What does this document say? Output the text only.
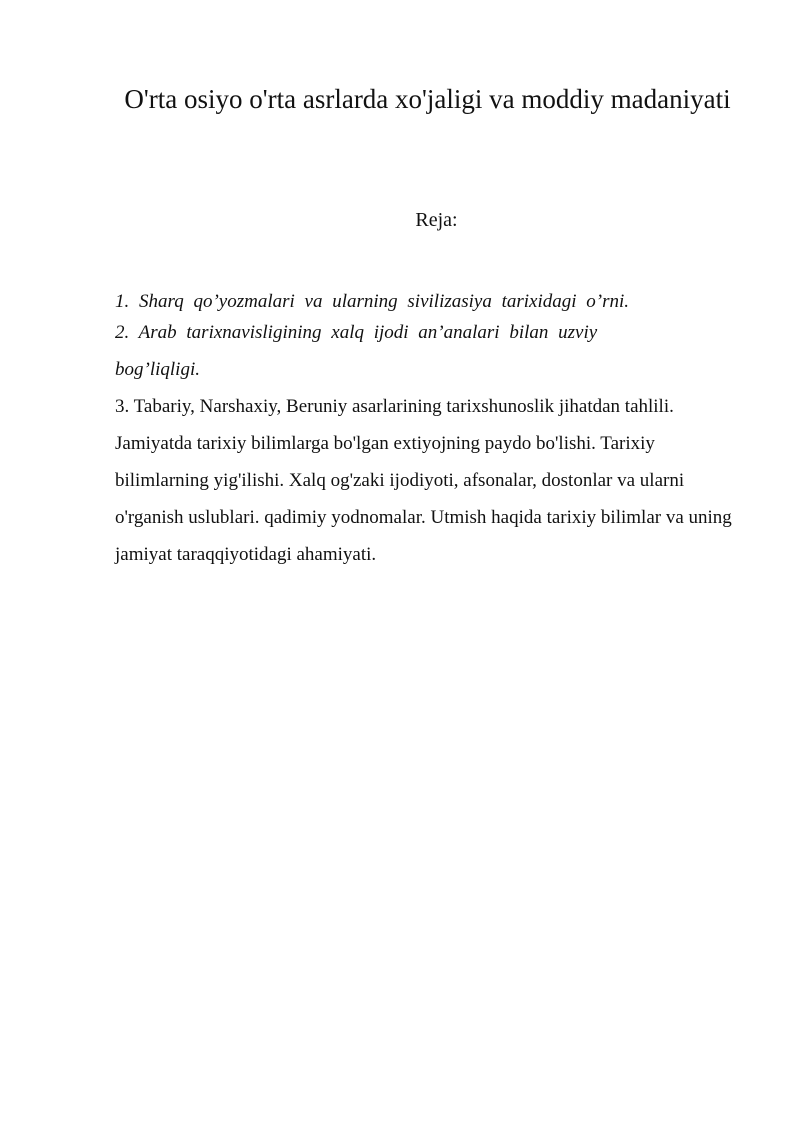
O'rta osiyo o'rta asrlarda xo'jaligi va moddiy madaniyati
Reja:

1. Sharq qo’yozmalari va ularning sivilizasiya tarixidagi o’rni.

2. Arab tarixnavisligining xalq ijodi an’analari bilan uzviy bog’liqligi.

3. Tabariy, Narshaxiy, Beruniy asarlarining tarixshunoslik jihatdan tahlili. Jamiyatda tarixiy bilimlarga bo'lgan extiyojning paydo bo'lishi. Tarixiy bilimlarning yig'ilishi. Xalq og'zaki ijodiyoti, afsonalar, dostonlar va ularni o'rganish uslublari. qadimiy yodnomalar. Utmish haqida tarixiy bilimlar va uning jamiyat taraqqiyotidagi ahamiyati.
